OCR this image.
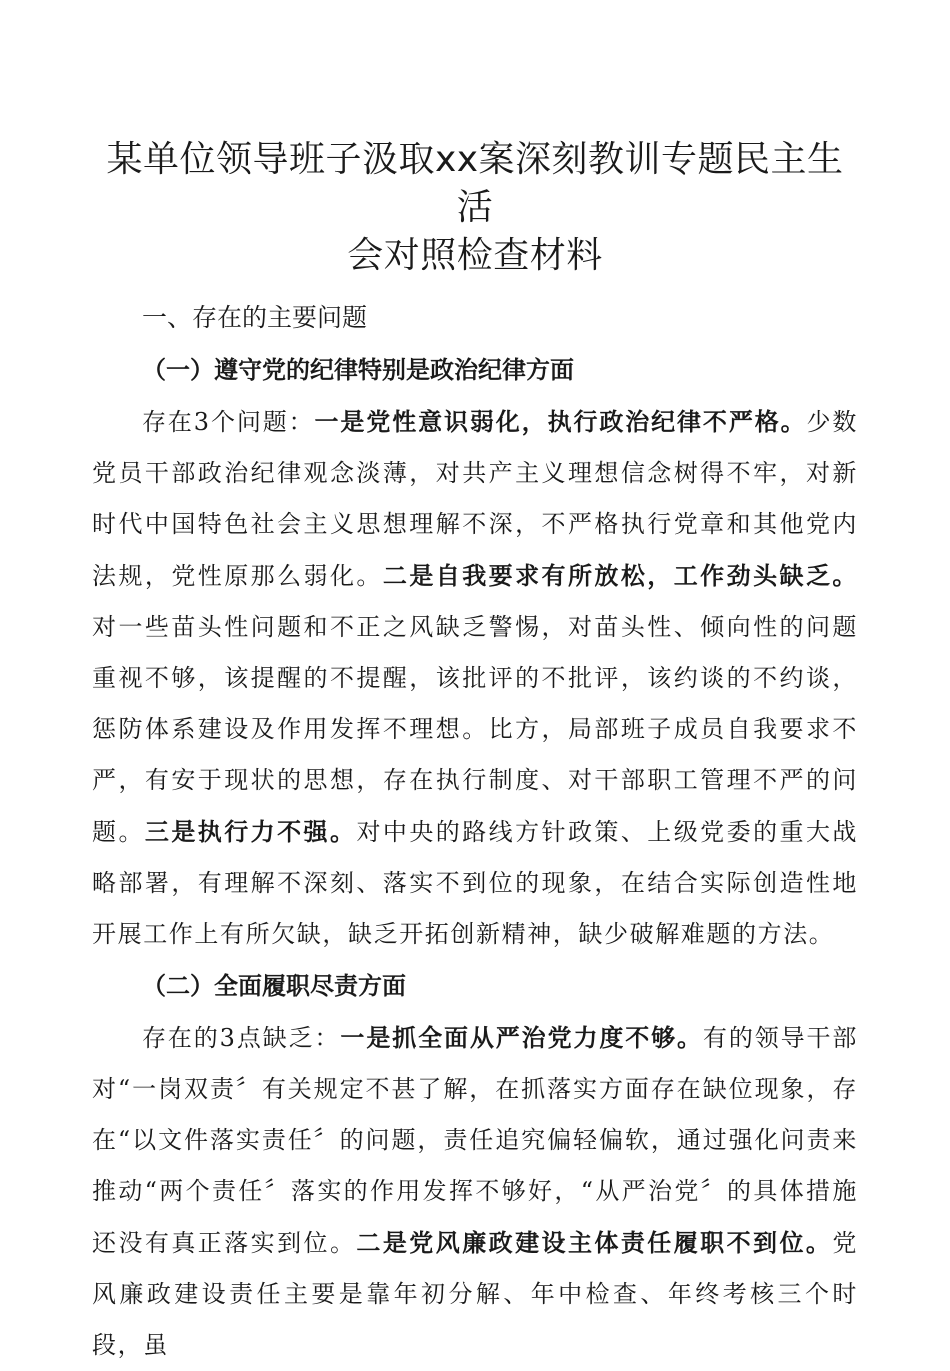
某单位领导班子汲取xx案深刻教训专题民主生活
会对照检查材料

一、存在的主要问题

（一）遵守党的纪律特别是政治纪律方面

存在3个问题：一是党性意识弱化，执行政治纪律不严格。少数党员干部政治纪律观念淡薄，对共产主义理想信念树得不牢，对新时代中国特色社会主义思想理解不深，不严格执行党章和其他党内法规，党性原那么弱化。二是自我要求有所放松，工作劲头缺乏。对一些苗头性问题和不正之风缺乏警惕，对苗头性、倾向性的问题重视不够，该提醒的不提醒，该批评的不批评，该约谈的不约谈，惩防体系建设及作用发挥不理想。比方，局部班子成员自我要求不严，有安于现状的思想，存在执行制度、对干部职工管理不严的问题。三是执行力不强。对中央的路线方针政策、上级党委的重大战略部署，有理解不深刻、落实不到位的现象，在结合实际创造性地开展工作上有所欠缺，缺乏开拓创新精神，缺少破解难题的方法。

（二）全面履职尽责方面

存在的3点缺乏：一是抓全面从严治党力度不够。有的领导干部对“一岗双责〞有关规定不甚了解，在抓落实方面存在缺位现象，存在“以文件落实责任〞的问题，责任追究偏轻偏软，通过强化问责来推动“两个责任〞落实的作用发挥不够好，“从严治党〞的具体措施还没有真正落实到位。二是党风廉政建设主体责任履职不到位。党风廉政建设责任主要是靠年初分解、年中检查、年终考核三个时段，虽
